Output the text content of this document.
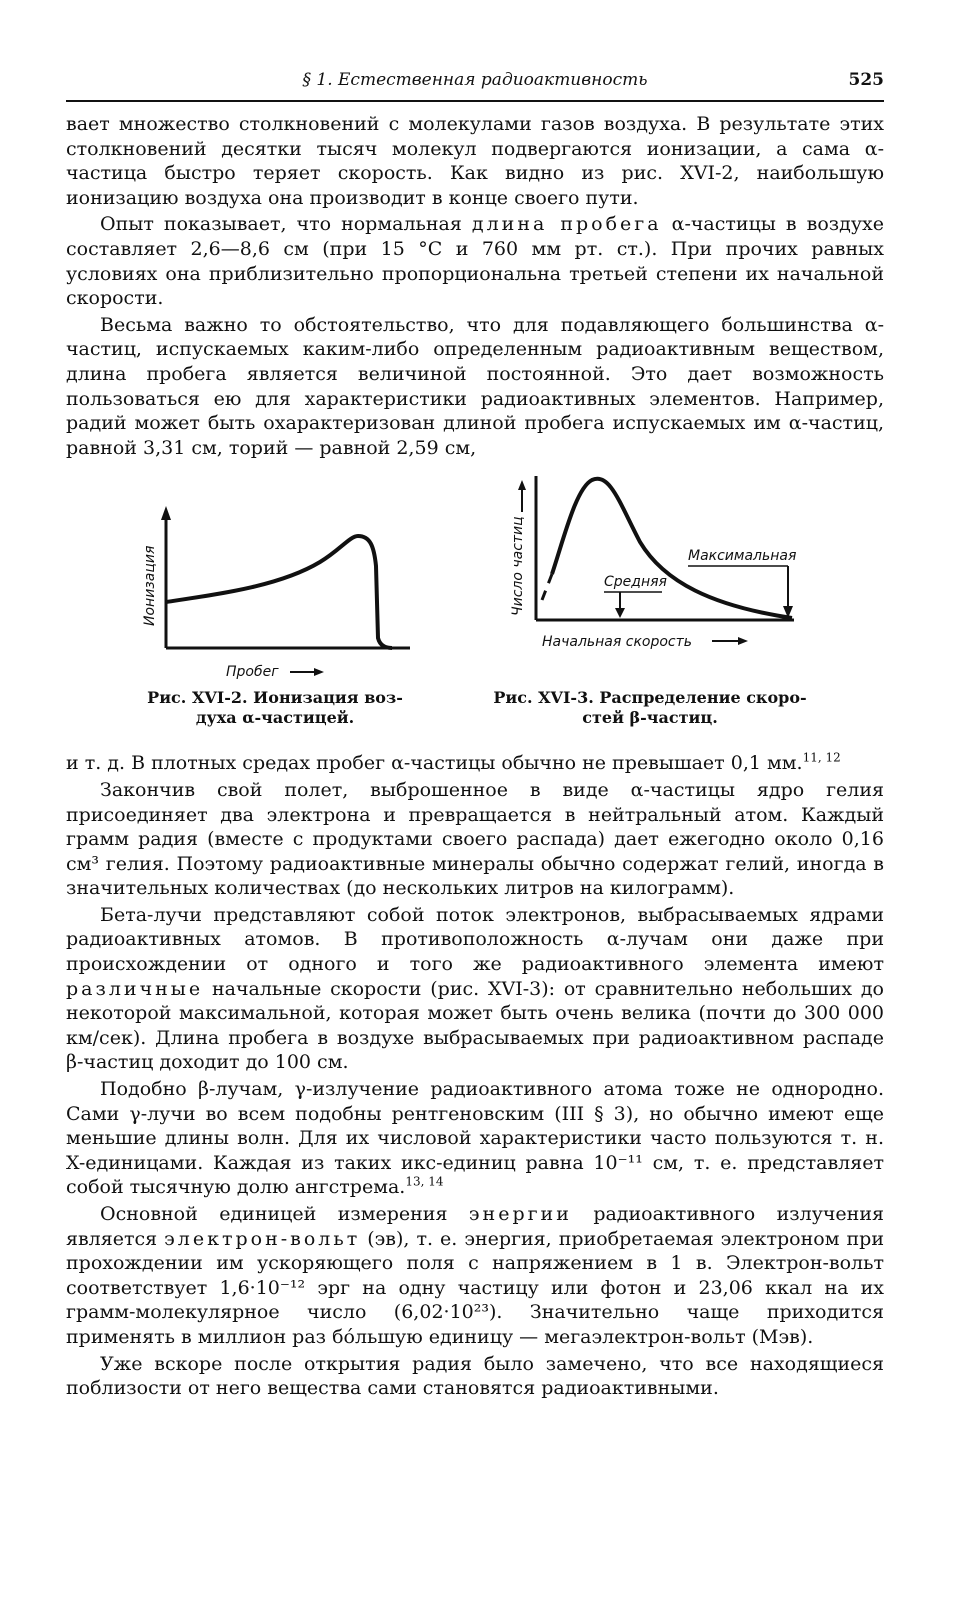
§ 1. Естественная радиоактивность	525

вает множество столкновений с молекулами газов воздуха. В результате этих столкновений десятки тысяч молекул подвергаются ионизации, а сама α-частица быстро теряет скорость. Как видно из рис. XVI-2, наибольшую ионизацию воздуха она производит в конце своего пути.

Опыт показывает, что нормальная длина пробега α-частицы в воздухе составляет 2,6—8,6 см (при 15 °C и 760 мм рт. ст.). При прочих равных условиях она приблизительно пропорциональна третьей степени их начальной скорости.

Весьма важно то обстоятельство, что для подавляющего большинства α-частиц, испускаемых каким-либо определенным радиоактивным веществом, длина пробега является величиной постоянной. Это дает возможность пользоваться ею для характеристики радиоактивных элементов. Например, радий может быть охарактеризован длиной пробега испускаемых им α-частиц, равной 3,31 см, торий — равной 2,59 см,

Ионизация
Пробег
Рис. XVI-2. Ионизация воз-
духа α-частицей.
Средняя
Максимальная
Число частиц
Начальная скорость
Рис. XVI-3. Распределение скоро-
стей β-частиц.

и т. д. В плотных средах пробег α-частицы обычно не превышает 0,1 мм.$^{11, 12}$

Закончив свой полет, выброшенное в виде α-частицы ядро гелия присоединяет два электрона и превращается в нейтральный атом. Каждый грамм радия (вместе с продуктами своего распада) дает ежегодно около 0,16 см³ гелия. Поэтому радиоактивные минералы обычно содержат гелий, иногда в значительных количествах (до нескольких литров на килограмм).

Бета-лучи представляют собой поток электронов, выбрасываемых ядрами радиоактивных атомов. В противоположность α-лучам они даже при происхождении от одного и того же радиоактивного элемента имеют различные начальные скорости (рис. XVI-3): от сравнительно небольших до некоторой максимальной, которая может быть очень велика (почти до 300 000 км/сек). Длина пробега в воздухе выбрасываемых при радиоактивном распаде β-частиц доходит до 100 см.

Подобно β-лучам, γ-излучение радиоактивного атома тоже не однородно. Сами γ-лучи во всем подобны рентгеновским (III § 3), но обычно имеют еще меньшие длины волн. Для их числовой характеристики часто пользуются т. н. X-единицами. Каждая из таких икс-единиц равна 10⁻¹¹ см, т. е. представляет собой тысячную долю ангстрема.$^{13, 14}$

Основной единицей измерения энергии радиоактивного излучения является электрон-вольт (эв), т. е. энергия, приобретаемая электроном при прохождении им ускоряющего поля с напряжением в 1 в. Электрон-вольт соответствует 1,6·10⁻¹² эрг на одну частицу или фотон и 23,06 ккал на их грамм-молекулярное число (6,02·10²³). Значительно чаще приходится применять в миллион раз бóльшую единицу — мегаэлектрон-вольт (Мэв).

Уже вскоре после открытия радия было замечено, что все находящиеся поблизости от него вещества сами становятся радиоактивными.
